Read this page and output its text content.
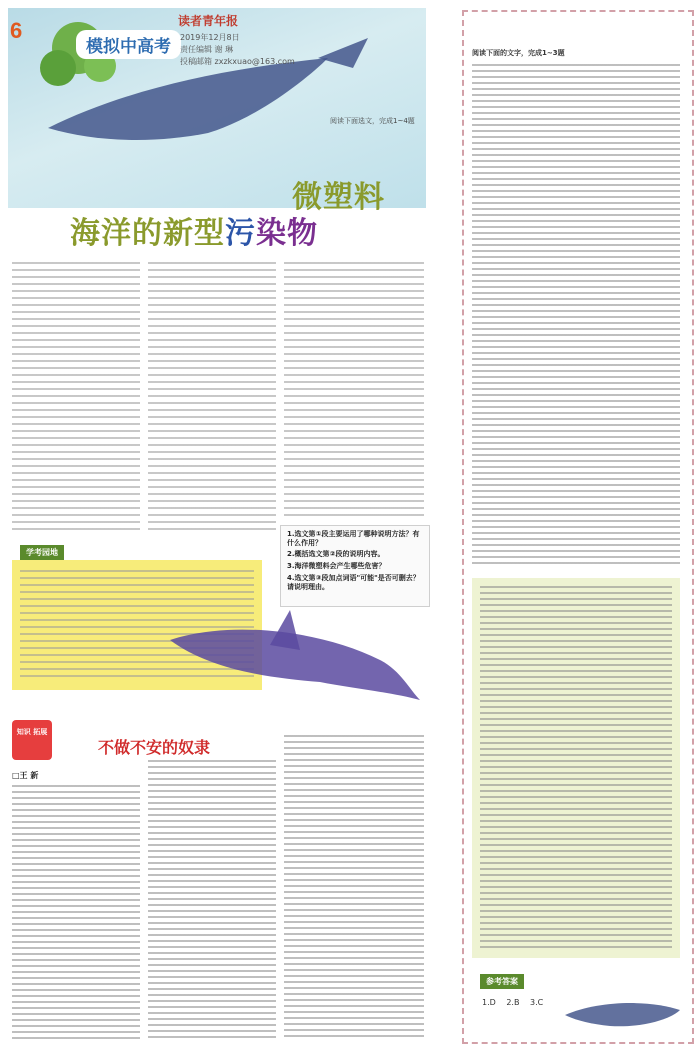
6
模拟中高考
读者青年报
2019年12月8日
责任编辑 谢 琳
投稿邮箱 zxzkxuao@163.com
阅读下面选文，完成1~4题
微塑料
海洋的新型污染物
学考园地
1.选文第①段主要运用了哪种说明方法？有什么作用？
2.概括选文第②段的说明内容。
3.海洋微塑料会产生哪些危害？
4.选文第③段加点词语"可能"是否可删去？请说明理由。
知识 拓展
不做不安的奴隶
□王 新
阅读下面的文字，完成1~3题
参考答案
1.D 2.B 3.C
